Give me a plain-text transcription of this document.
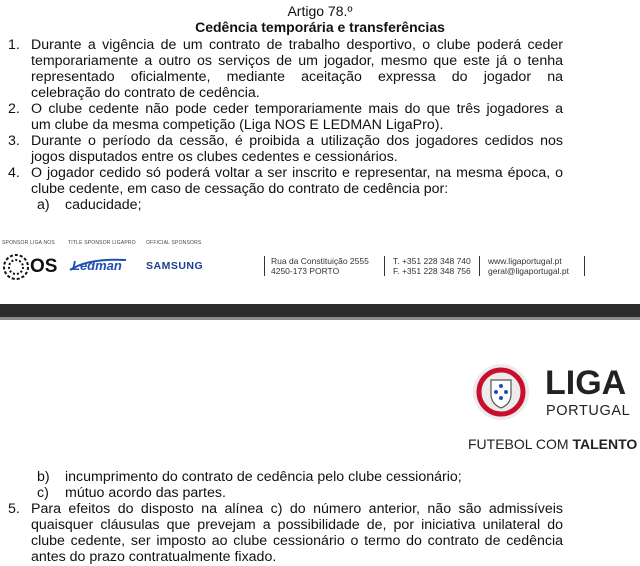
Artigo 78.º
Cedência temporária e transferências
1. Durante a vigência de um contrato de trabalho desportivo, o clube poderá ceder
temporariamente a outro os serviços de um jogador, mesmo que este já o tenha
representado oficialmente, mediante aceitação expressa do jogador na
celebração do contrato de cedência.
2. O clube cedente não pode ceder temporariamente mais do que três jogadores a
um clube da mesma competição (Liga NOS E LEDMAN LigaPro).
3. Durante o período da cessão, é proibida a utilização dos jogadores cedidos nos
jogos disputados entre os clubes cedentes e cessionários.
4. O jogador cedido só poderá voltar a ser inscrito e representar, na mesma época, o
clube cedente, em caso de cessação do contrato de cedência por:
a) caducidade;
SPONSOR LIGA NOS	TITLE SPONSOR LIGAPRO OFFICIAL SPONSORS
OS Ledman SAMSUNG	Rua da Constituição 2555
4250-173 PORTO
T. +351 228 348 740
F. +351 228 348 756
www.ligaportugal.pt
geral@ligaportugal.pt
LIGA
PORTUGAL
FUTEBOL COM TALENTO
b) incumprimento do contrato de cedência pelo clube cessionário;
c) mútuo acordo das partes.
5. Para efeitos do disposto na alínea c) do número anterior, não são admissíveis
quaisquer cláusulas que prevejam a possibilidade de, por iniciativa unilateral do
clube cedente, ser imposto ao clube cessionário o termo do contrato de cedência
antes do prazo contratualmente fixado.
